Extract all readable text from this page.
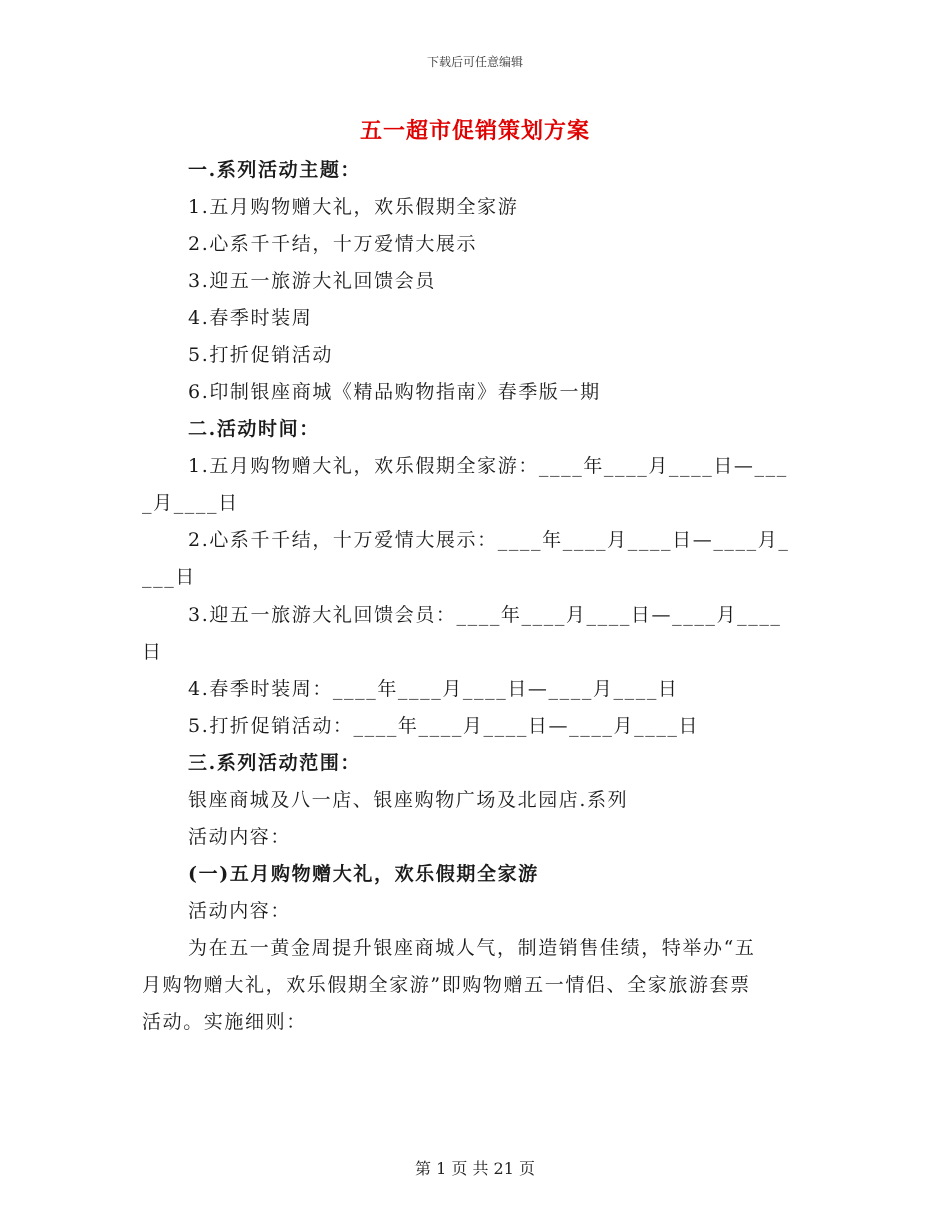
下载后可任意编辑
五一超市促销策划方案
一.系列活动主题：
1.五月购物赠大礼，欢乐假期全家游
2.心系千千结，十万爱情大展示
3.迎五一旅游大礼回馈会员
4.春季时装周
5.打折促销活动
6.印制银座商城《精品购物指南》春季版一期
二.活动时间：
1.五月购物赠大礼，欢乐假期全家游：____年____月____日—___
_月____日
2.心系千千结，十万爱情大展示：____年____月____日—____月_
___日
3.迎五一旅游大礼回馈会员：____年____月____日—____月____
日
4.春季时装周：____年____月____日—____月____日
5.打折促销活动：____年____月____日—____月____日
三.系列活动范围：
银座商城及八一店、银座购物广场及北园店.系列
活动内容：
(一)五月购物赠大礼，欢乐假期全家游
活动内容：
为在五一黄金周提升银座商城人气，制造销售佳绩，特举办“五
月购物赠大礼，欢乐假期全家游”即购物赠五一情侣、全家旅游套票
活动。实施细则：
第 1 页 共 21 页
